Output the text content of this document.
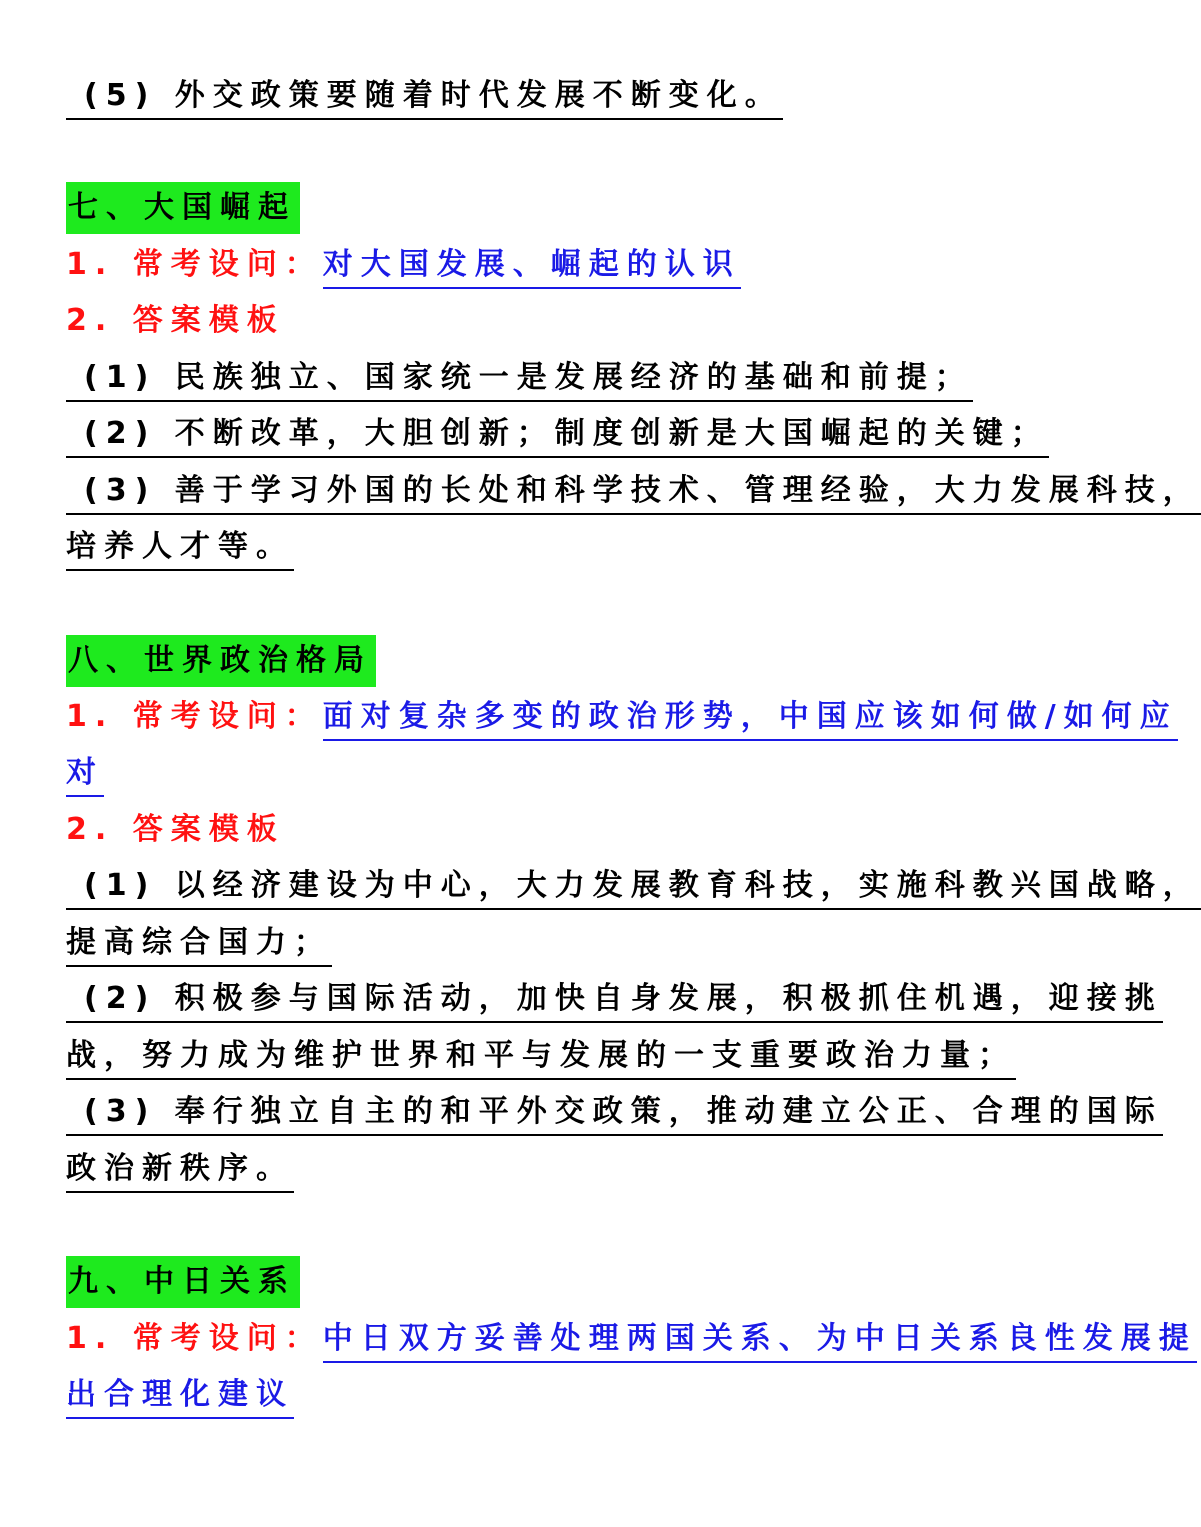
(5) 外交政策要随着时代发展不断变化。
七、大国崛起
1. 常考设问：对大国发展、崛起的认识
2. 答案模板
(1) 民族独立、国家统一是发展经济的基础和前提；
(2) 不断改革，大胆创新；制度创新是大国崛起的关键；
(3) 善于学习外国的长处和科学技术、管理经验，大力发展科技，
培养人才等。
八、世界政治格局
1. 常考设问：面对复杂多变的政治形势，中国应该如何做/如何应
对
2. 答案模板
(1) 以经济建设为中心，大力发展教育科技，实施科教兴国战略，
提高综合国力；
(2) 积极参与国际活动，加快自身发展，积极抓住机遇，迎接挑
战，努力成为维护世界和平与发展的一支重要政治力量；
(3) 奉行独立自主的和平外交政策，推动建立公正、合理的国际
政治新秩序。
九、中日关系
1. 常考设问：中日双方妥善处理两国关系、为中日关系良性发展提
出合理化建议
